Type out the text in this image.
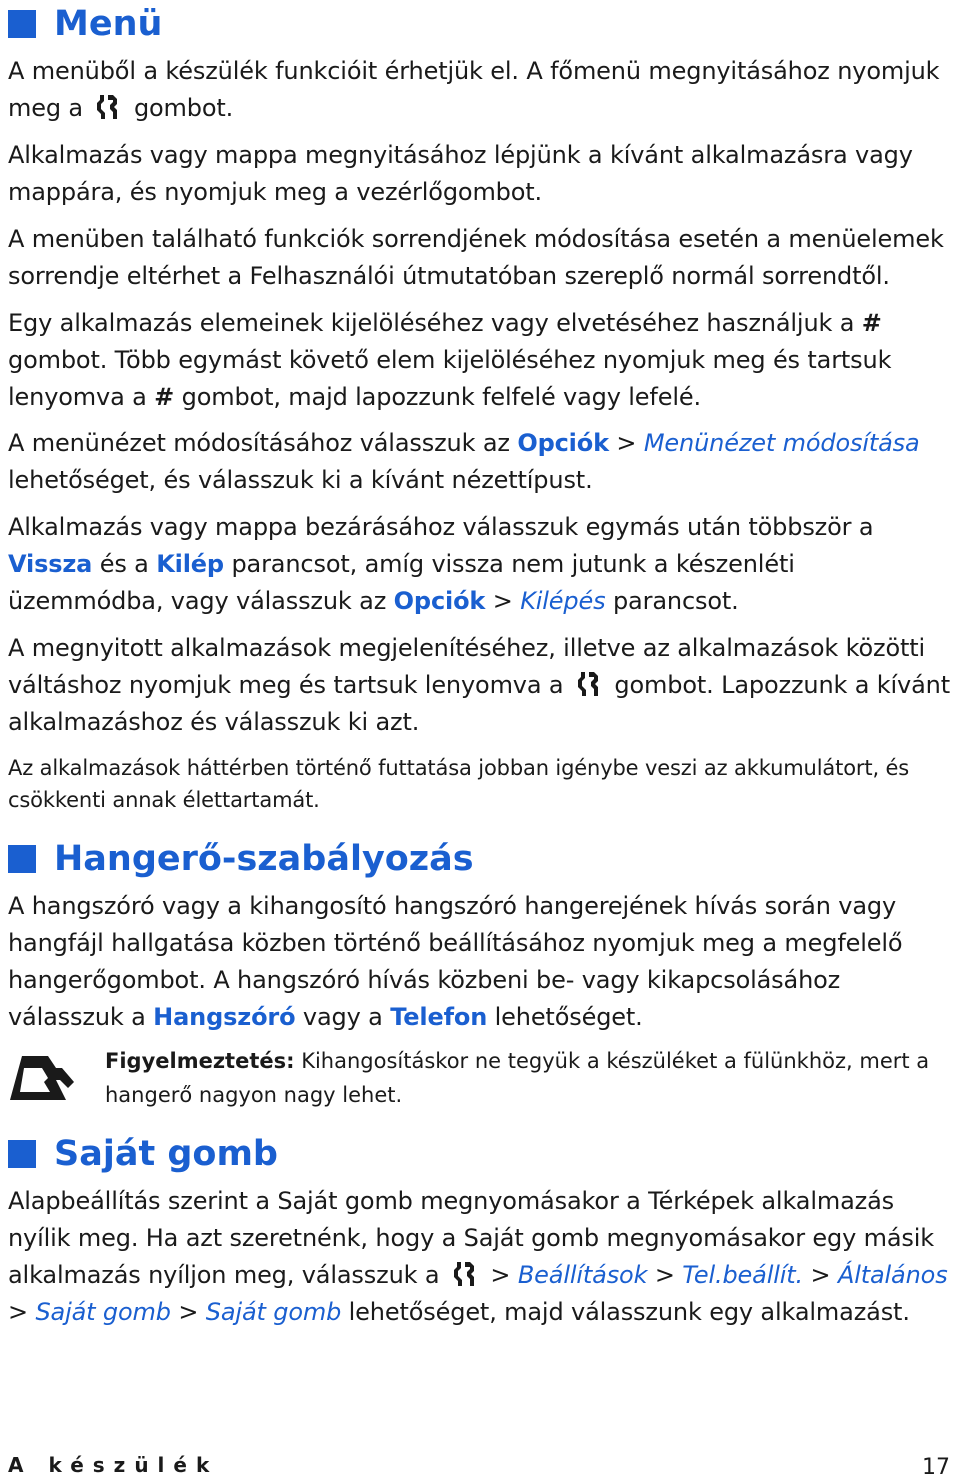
Menü

A menüből a készülék funkcióit érhetjük el. A főmenü megnyitásához nyomjuk meg a gombot.

Alkalmazás vagy mappa megnyitásához lépjünk a kívánt alkalmazásra vagy mappára, és nyomjuk meg a vezérlőgombot.

A menüben található funkciók sorrendjének módosítása esetén a menüelemek sorrendje eltérhet a Felhasználói útmutatóban szereplő normál sorrendtől.

Egy alkalmazás elemeinek kijelöléséhez vagy elvetéséhez használjuk a # gombot. Több egymást követő elem kijelöléséhez nyomjuk meg és tartsuk lenyomva a # gombot, majd lapozzunk felfelé vagy lefelé.

A menünézet módosításához válasszuk az Opciók > Menünézet módosítása lehetőséget, és válasszuk ki a kívánt nézettípust.

Alkalmazás vagy mappa bezárásához válasszuk egymás után többször a Vissza és a Kilép parancsot, amíg vissza nem jutunk a készenléti üzemmódba, vagy válasszuk az Opciók > Kilépés parancsot.

A megnyitott alkalmazások megjelenítéséhez, illetve az alkalmazások közötti váltáshoz nyomjuk meg és tartsuk lenyomva a gombot. Lapozzunk a kívánt alkalmazáshoz és válasszuk ki azt.

Az alkalmazások háttérben történő futtatása jobban igénybe veszi az akkumulátort, és csökkenti annak élettartamát.

Hangerő-szabályozás

A hangszóró vagy a kihangosító hangszóró hangerejének hívás során vagy hangfájl hallgatása közben történő beállításához nyomjuk meg a megfelelő hangerőgombot. A hangszóró hívás közbeni be- vagy kikapcsolásához válasszuk a Hangszóró vagy a Telefon lehetőséget.

Figyelmeztetés: Kihangosításkor ne tegyük a készüléket a fülünkhöz, mert a hangerő nagyon nagy lehet.
Saját gomb

Alapbeállítás szerint a Saját gomb megnyomásakor a Térképek alkalmazás nyílik meg. Ha azt szeretnénk, hogy a Saját gomb megnyomásakor egy másik alkalmazás nyíljon meg, válasszuk a > Beállítások > Tel.beállít. > Általános > Saját gomb > Saját gomb lehetőséget, majd válasszunk egy alkalmazást.

A készülék	17
